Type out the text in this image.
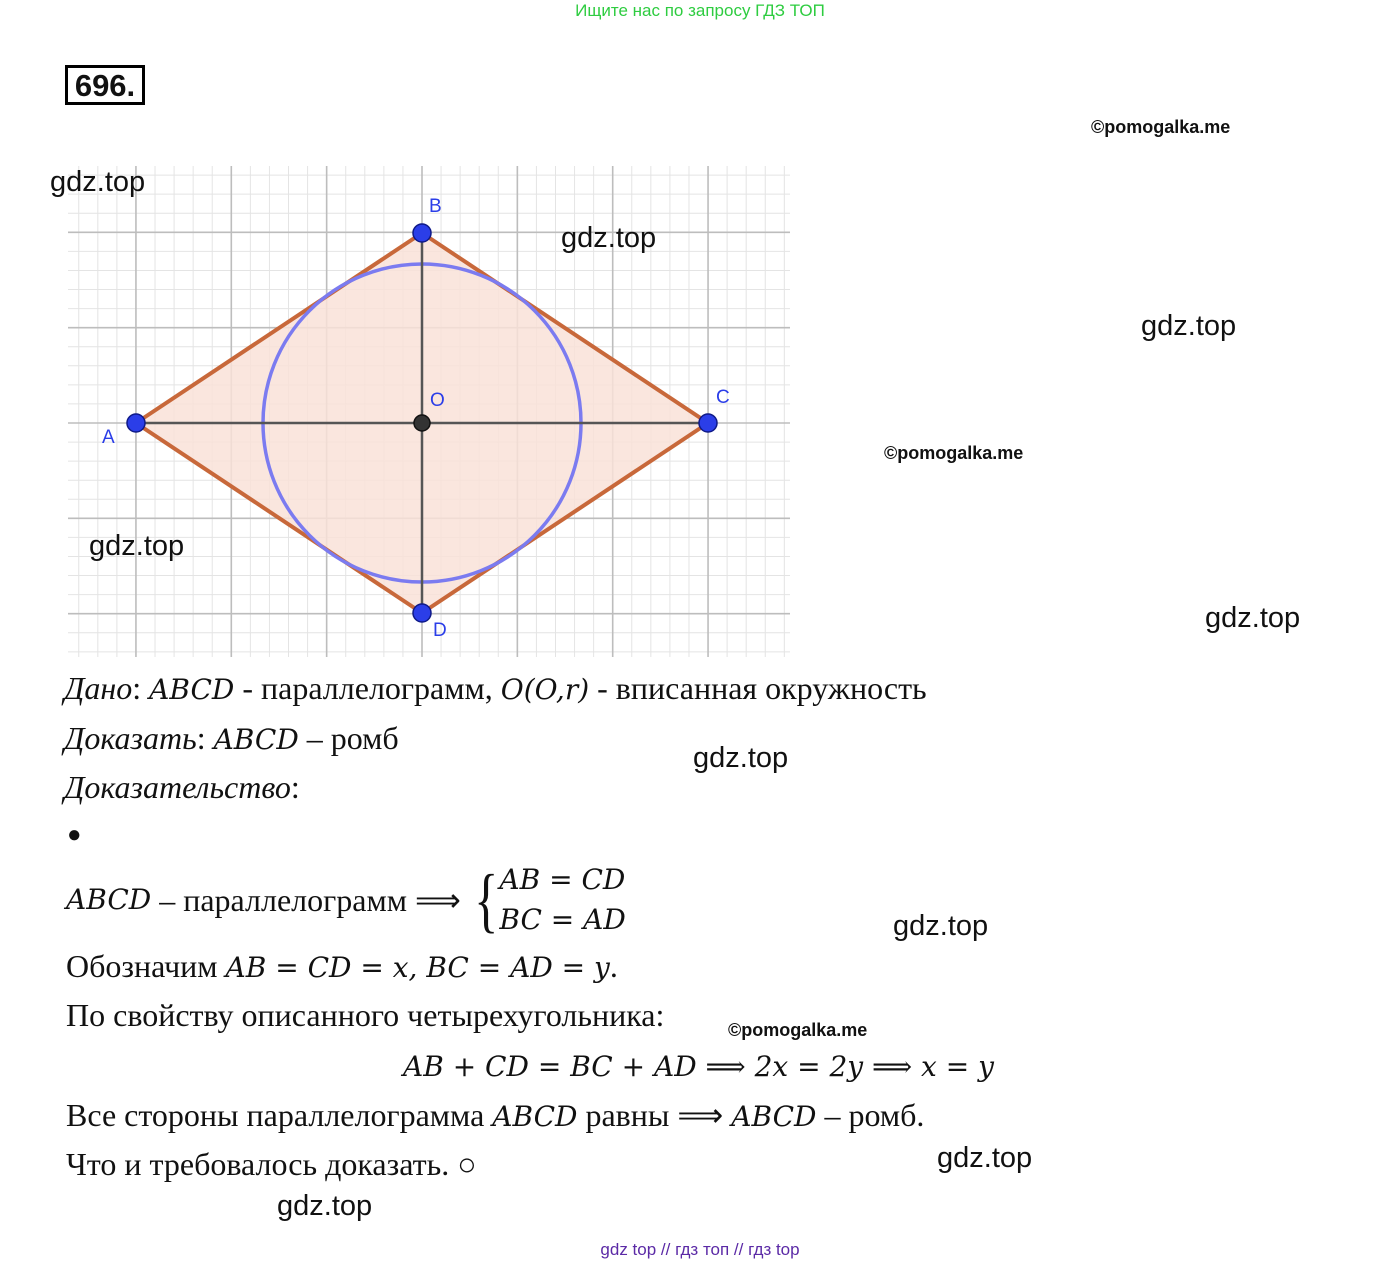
Ищите нас по запросу ГДЗ ТОП
696.
©pomogalka.me
A
B
C
D
O
gdz.top
gdz.top
gdz.top
©pomogalka.me
gdz.top
gdz.top
Дано: ABCD - параллелограмм, O(O,r) - вписанная окружность
Доказать: ABCD – ромб
gdz.top
Доказательство:
●
ABCD – параллелограмм ⟹ { AB = CD
BC = AD	gdz.top
Обозначим AB = CD = x, BC = AD = y.
По свойству описанного четырехугольника:	©pomogalka.me
AB + CD = BC + AD ⟹ 2x = 2y ⟹ x = y
Все стороны параллелограмма ABCD равны ⟹ ABCD – ромб.
Что и требовалось доказать. ○	gdz.top
gdz.top
gdz top // гдз топ // гдз top
